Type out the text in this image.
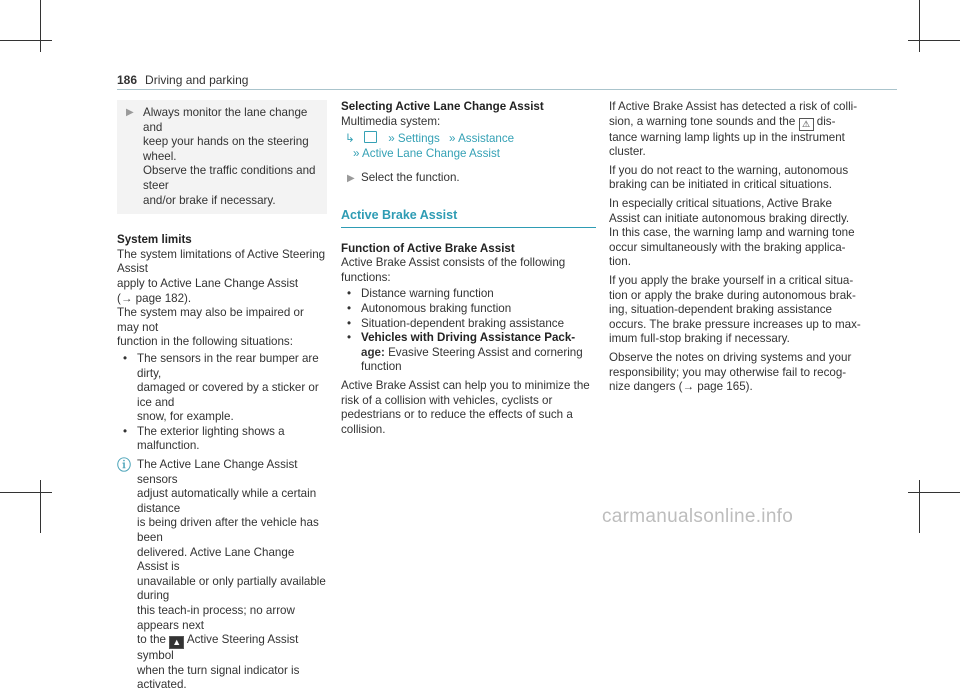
186 Driving and parking
▶ Always monitor the lane change and

keep your hands on the steering wheel.

Observe the traffic conditions and steer

and/or brake if necessary.

System limits

The system limitations of Active Steering Assist

apply to Active Lane Change Assist

(→ page 182).

The system may also be impaired or may not

function in the following situations:

• The sensors in the rear bumper are dirty,

damaged or covered by a sticker or ice and

snow, for example.

• The exterior lighting shows a malfunction.

ⓘ The Active Lane Change Assist sensors

adjust automatically while a certain distance

is being driven after the vehicle has been

delivered. Active Lane Change Assist is

unavailable or only partially available during

this teach-in process; no arrow appears next

to the ▲ Active Steering Assist symbol

when the turn signal indicator is activated.

Selecting Active Lane Change Assist

Multimedia system:

↳	» Settings » Assistance

» Active Lane Change Assist

▶ Select the function.

Active Brake Assist

Function of Active Brake Assist

Active Brake Assist consists of the following

functions:

• Distance warning function

• Autonomous braking function

• Situation-dependent braking assistance

• Vehicles with Driving Assistance Pack-

age: Evasive Steering Assist and cornering

function

Active Brake Assist can help you to minimize the

risk of a collision with vehicles, cyclists or

pedestrians or to reduce the effects of such a

collision.

If Active Brake Assist has detected a risk of colli-

sion, a warning tone sounds and the ⚠ dis-

tance warning lamp lights up in the instrument

cluster.

If you do not react to the warning, autonomous

braking can be initiated in critical situations.

In especially critical situations, Active Brake

Assist can initiate autonomous braking directly.

In this case, the warning lamp and warning tone

occur simultaneously with the braking applica-

tion.

If you apply the brake yourself in a critical situa-

tion or apply the brake during autonomous brak-

ing, situation-dependent braking assistance

occurs. The brake pressure increases up to max-

imum full-stop braking if necessary.

Observe the notes on driving systems and your

responsibility; you may otherwise fail to recog-

nize dangers (→ page 165).

carmanualsonline.info
